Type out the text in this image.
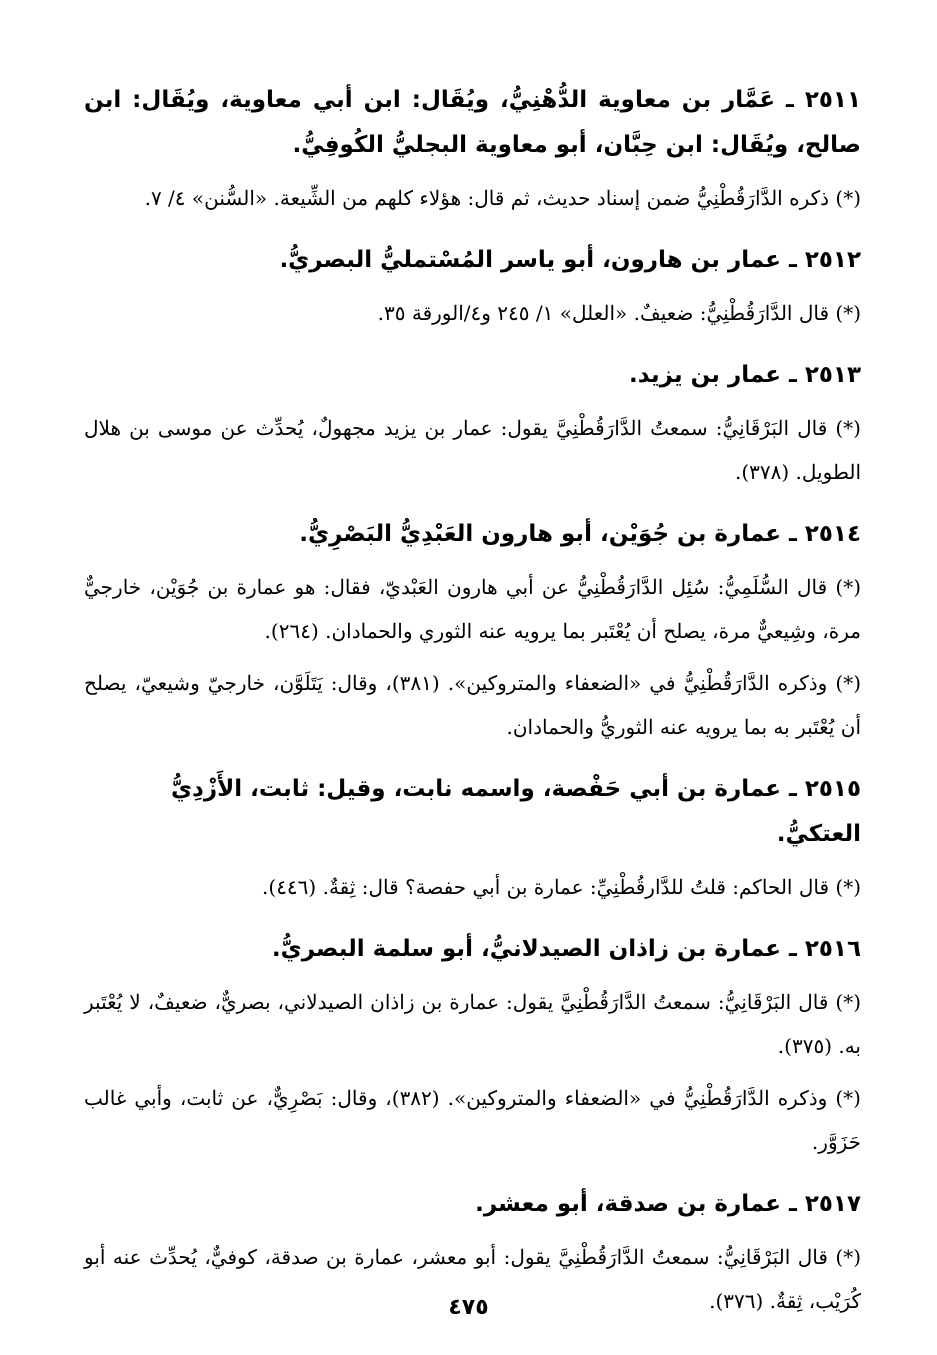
٢٥١١ ـ عَمَّار بن معاوية الدُّهْنِيُّ، ويُقَال: ابن أبي معاوية، ويُقَال: ابن صالح، ويُقَال: ابن حِبَّان، أبو معاوية البجليُّ الكُوفِيُّ.

(*) ذكره الدَّارَقُطْنِيُّ ضمن إسناد حديث، ثم قال: هؤلاء كلهم من الشِّيعة. «السُّنن» ٤/ ٧.

٢٥١٢ ـ عمار بن هارون، أبو ياسر المُسْتمليُّ البصريُّ.

(*) قال الدَّارَقُطْنِيُّ: ضعيفٌ. «العلل» ١/ ٢٤٥ و٤/الورقة ٣٥.

٢٥١٣ ـ عمار بن يزيد.

(*) قال البَرْقَانِيُّ: سمعتُ الدَّارَقُطْنِيَّ يقول: عمار بن يزيد مجهولٌ، يُحدِّث عن موسى بن هلال الطويل. (٣٧٨).

٢٥١٤ ـ عمارة بن جُوَيْن، أبو هارون العَبْدِيُّ البَصْرِيُّ.

(*) قال السُّلَمِيُّ: سُئِل الدَّارَقُطْنِيُّ عن أبي هارون العَبْديّ، فقال: هو عمارة بن جُوَيْن، خارجيٌّ مرة، وشِيعيٌّ مرة، يصلح أن يُعْتَبر بما يرويه عنه الثوري والحمادان. (٢٦٤).

(*) وذكره الدَّارَقُطْنِيُّ في «الضعفاء والمتروكين». (٣٨١)، وقال: يَتَلَوَّن، خارجيّ وشيعيّ، يصلح أن يُعْتَبر به بما يرويه عنه الثوريُّ والحمادان.

٢٥١٥ ـ عمارة بن أبي حَفْصة، واسمه نابت، وقيل: ثابت، الأَزْدِيُّ العتكيُّ.

(*) قال الحاكم: قلتُ للدَّارقُطْنِيِّ: عمارة بن أبي حفصة؟ قال: ثِقةٌ. (٤٤٦).

٢٥١٦ ـ عمارة بن زاذان الصيدلانيُّ، أبو سلمة البصريُّ.

(*) قال البَرْقَانِيُّ: سمعتُ الدَّارَقُطْنِيَّ يقول: عمارة بن زاذان الصيدلاني، بصريٌّ، ضعيفٌ، لا يُعْتَبر به. (٣٧٥).

(*) وذكره الدَّارَقُطْنِيُّ في «الضعفاء والمتروكين». (٣٨٢)، وقال: بَصْرِيٌّ، عن ثابت، وأبي غالب حَزَوَّر.

٢٥١٧ ـ عمارة بن صدقة، أبو معشر.

(*) قال البَرْقَانِيُّ: سمعتُ الدَّارَقُطْنِيَّ يقول: أبو معشر، عمارة بن صدقة، كوفيٌّ، يُحدِّث عنه أبو كُرَيْب، ثِقةٌ. (٣٧٦).

٤٧٥
